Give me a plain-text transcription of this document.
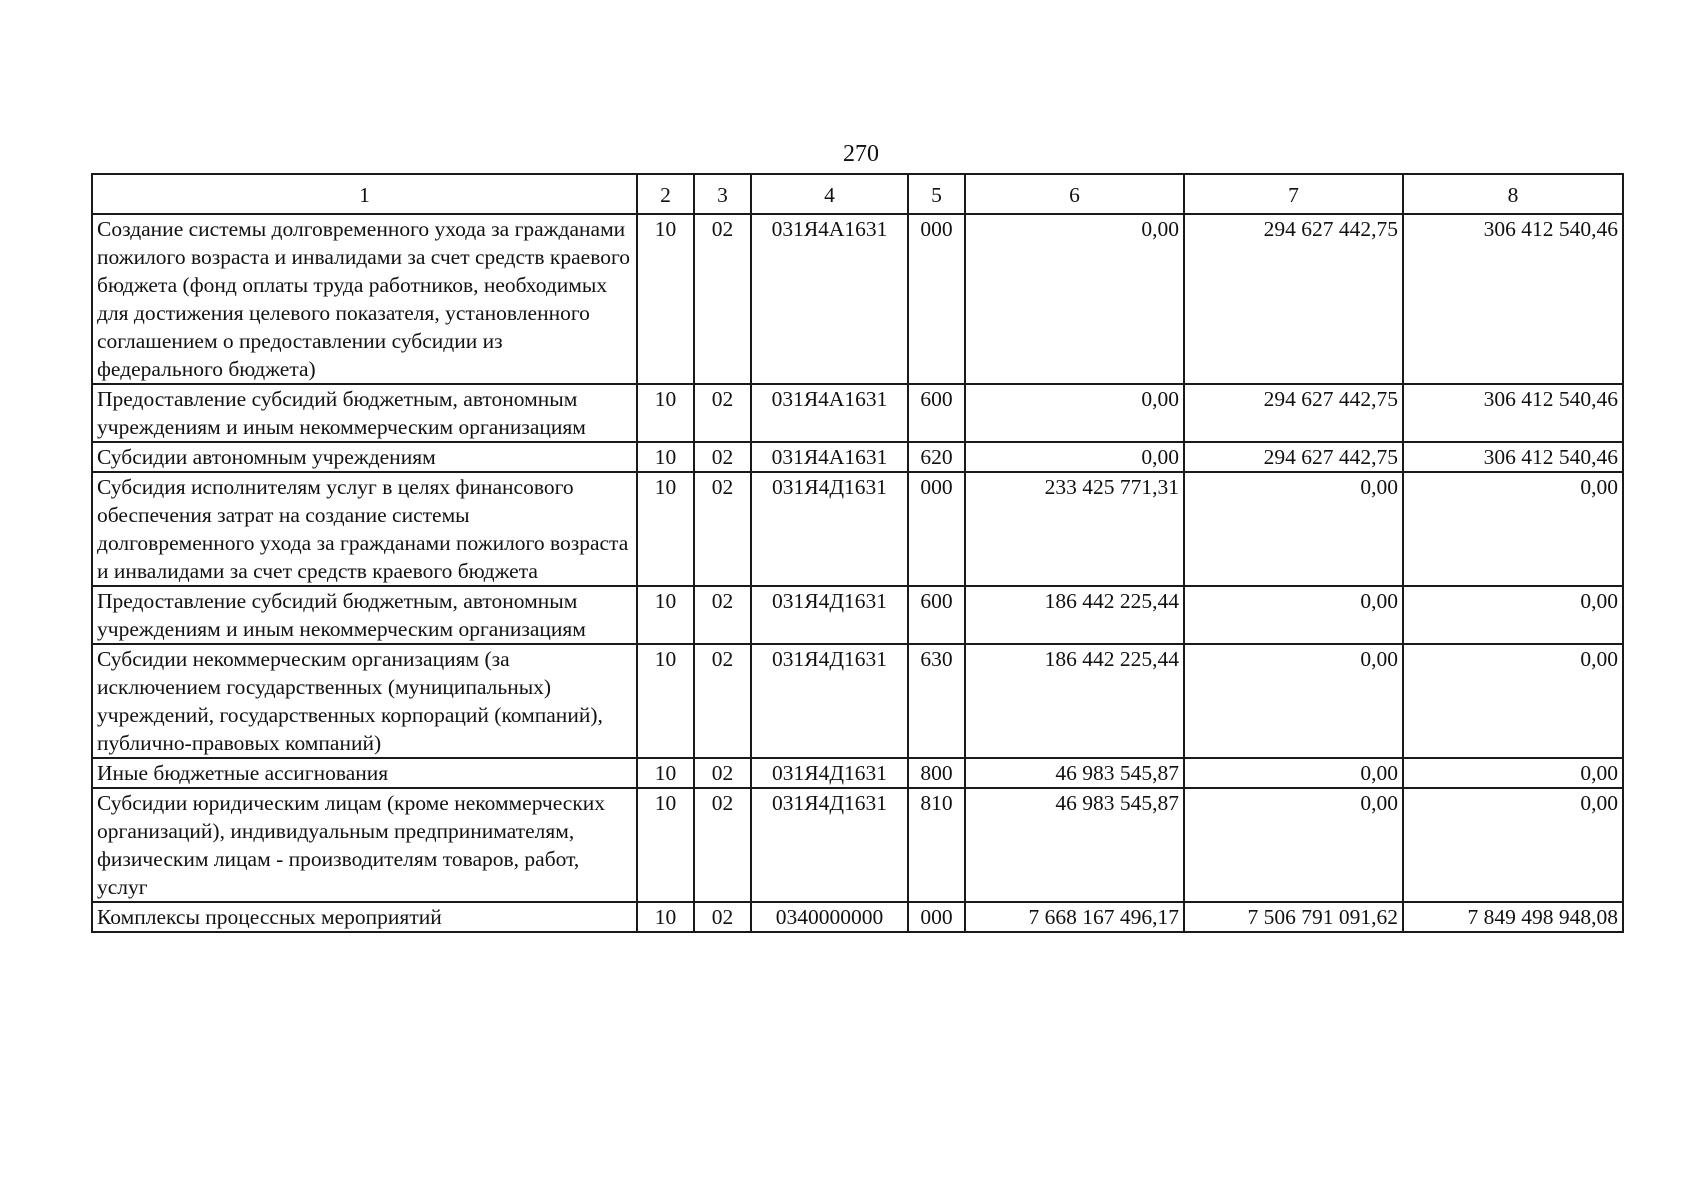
270
1	2	3	4	5	6	7	8
Создание системы долговременного ухода за гражданами пожилого возраста и инвалидами за счет средств краевого бюджета (фонд оплаты труда работников, необходимых для достижения целевого показателя, установленного соглашением о предоставлении субсидии из федерального бюджета)	10	02	031Я4А1631	000	0,00	294 627 442,75	306 412 540,46
Предоставление субсидий бюджетным, автономным учреждениям и иным некоммерческим организациям	10	02	031Я4А1631	600	0,00	294 627 442,75	306 412 540,46
Субсидии автономным учреждениям	10	02	031Я4А1631	620	0,00	294 627 442,75	306 412 540,46
Субсидия исполнителям услуг в целях финансового обеспечения затрат на создание системы долговременного ухода за гражданами пожилого возраста и инвалидами за счет средств краевого бюджета	10	02	031Я4Д1631	000	233 425 771,31	0,00	0,00
Предоставление субсидий бюджетным, автономным учреждениям и иным некоммерческим организациям	10	02	031Я4Д1631	600	186 442 225,44	0,00	0,00
Субсидии некоммерческим организациям (за исключением государственных (муниципальных) учреждений, государственных корпораций (компаний), публично-правовых компаний)	10	02	031Я4Д1631	630	186 442 225,44	0,00	0,00
Иные бюджетные ассигнования	10	02	031Я4Д1631	800	46 983 545,87	0,00	0,00
Субсидии юридическим лицам (кроме некоммерческих организаций), индивидуальным предпринимателям, физическим лицам - производителям товаров, работ, услуг	10	02	031Я4Д1631	810	46 983 545,87	0,00	0,00
Комплексы процессных мероприятий	10	02	0340000000	000	7 668 167 496,17	7 506 791 091,62	7 849 498 948,08
